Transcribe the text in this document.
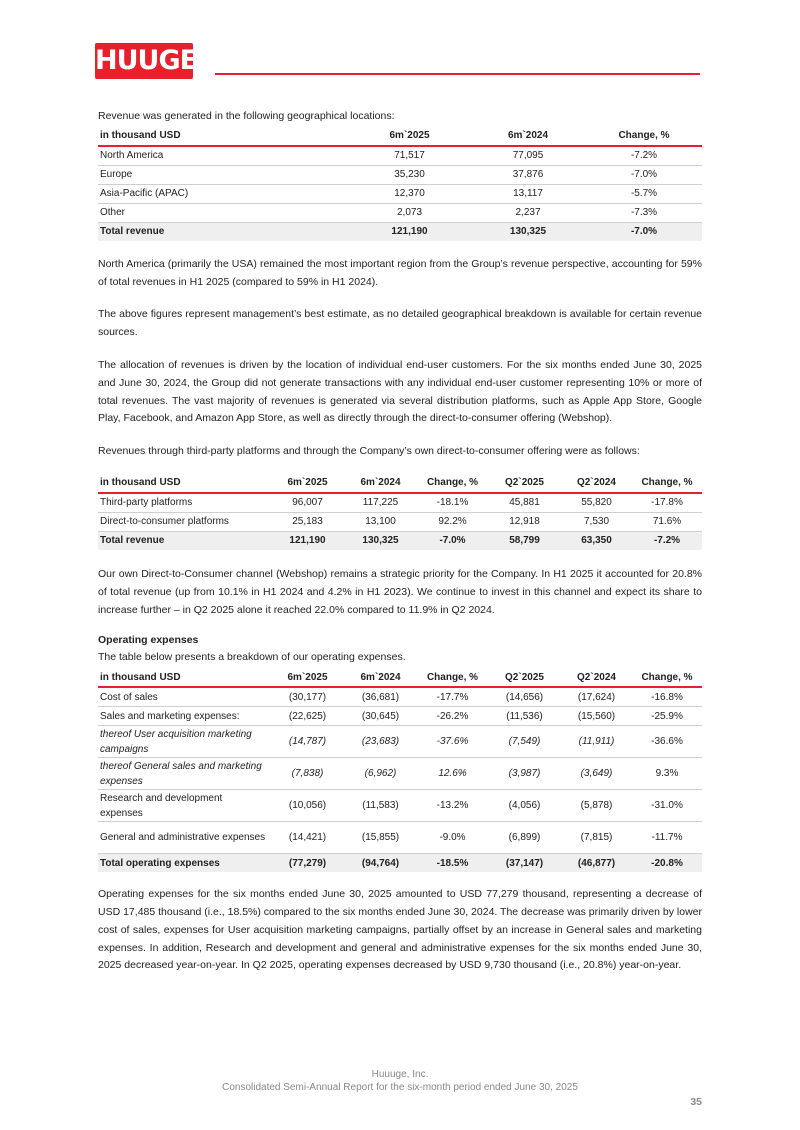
HUUGE

Revenue was generated in the following geographical locations:

in thousand USD	6m`2025	6m`2024	Change, %
North America	71,517	77,095	-7.2%
Europe	35,230	37,876	-7.0%
Asia-Pacific (APAC)	12,370	13,117	-5.7%
Other	2,073	2,237	-7.3%
Total revenue	121,190	130,325	-7.0%

North America (primarily the USA) remained the most important region from the Group’s revenue perspective, accounting for 59% of total revenues in H1 2025 (compared to 59% in H1 2024).

The above figures represent management’s best estimate, as no detailed geographical breakdown is available for certain revenue sources.

The allocation of revenues is driven by the location of individual end-user customers. For the six months ended June 30, 2025 and June 30, 2024, the Group did not generate transactions with any individual end-user customer representing 10% or more of total revenues. The vast majority of revenues is generated via several distribution platforms, such as Apple App Store, Google Play, Facebook, and Amazon App Store, as well as directly through the direct-to-consumer offering (Webshop).

Revenues through third-party platforms and through the Company’s own direct-to-consumer offering were as follows:

in thousand USD	6m`2025	6m`2024	Change, %	Q2`2025	Q2`2024	Change, %
Third-party platforms	96,007	117,225	-18.1%	45,881	55,820	-17.8%
Direct-to-consumer platforms	25,183	13,100	92.2%	12,918	7,530	71.6%
Total revenue	121,190	130,325	-7.0%	58,799	63,350	-7.2%

Our own Direct-to-Consumer channel (Webshop) remains a strategic priority for the Company. In H1 2025 it accounted for 20.8% of total revenue (up from 10.1% in H1 2024 and 4.2% in H1 2023). We continue to invest in this channel and expect its share to increase further – in Q2 2025 alone it reached 22.0% compared to 11.9% in Q2 2024.

Operating expenses

The table below presents a breakdown of our operating expenses.

in thousand USD	6m`2025	6m`2024	Change, %	Q2`2025	Q2`2024	Change, %
Cost of sales	(30,177)	(36,681)	-17.7%	(14,656)	(17,624)	-16.8%
Sales and marketing expenses:	(22,625)	(30,645)	-26.2%	(11,536)	(15,560)	-25.9%
thereof User acquisition marketing campaigns	(14,787)	(23,683)	-37.6%	(7,549)	(11,911)	-36.6%
thereof General sales and marketing expenses	(7,838)	(6,962)	12.6%	(3,987)	(3,649)	9.3%
Research and development expenses	(10,056)	(11,583)	-13.2%	(4,056)	(5,878)	-31.0%
General and administrative expenses	(14,421)	(15,855)	-9.0%	(6,899)	(7,815)	-11.7%
Total operating expenses	(77,279)	(94,764)	-18.5%	(37,147)	(46,877)	-20.8%

Operating expenses for the six months ended June 30, 2025 amounted to USD 77,279 thousand, representing a decrease of USD 17,485 thousand (i.e., 18.5%) compared to the six months ended June 30, 2024. The decrease was primarily driven by lower cost of sales, expenses for User acquisition marketing campaigns, partially offset by an increase in General sales and marketing expenses. In addition, Research and development and general and administrative expenses for the six months ended June 30, 2025 decreased year-on-year. In Q2 2025, operating expenses decreased by USD 9,730 thousand (i.e., 20.8%) year-on-year.

Huuuge, Inc.
Consolidated Semi-Annual Report for the six-month period ended June 30, 2025
35
